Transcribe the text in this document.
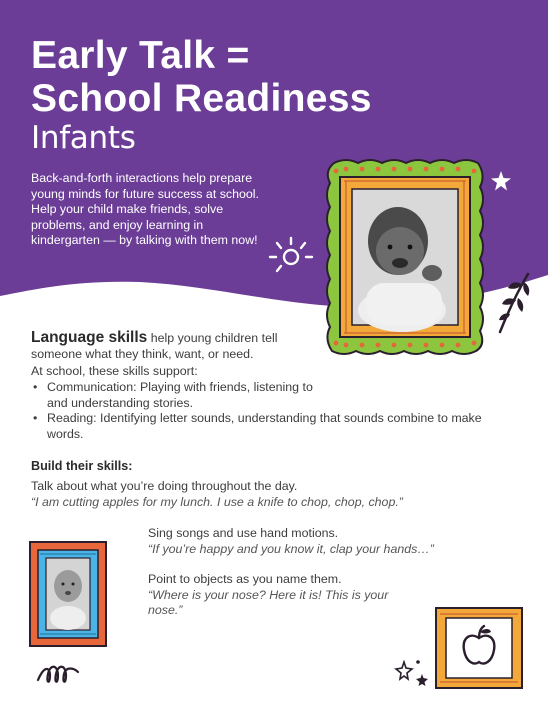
Early Talk =
School Readiness
Infants

Back-and-forth interactions help prepare young minds for future success at school. Help your child make friends, solve problems, and enjoy learning in kindergarten — by talking with them now!

Language skills help young children tell someone what they think, want, or need.

At school, these skills support:

• Communication: Playing with friends, listening to and understanding stories.
• Reading: Identifying letter sounds, understanding that sounds combine to make words.

Build their skills:

Talk about what you’re doing throughout the day.
“I am cutting apples for my lunch. I use a knife to chop, chop, chop.”
Sing songs and use hand motions.
“If you’re happy and you know it, clap your hands…”
Point to objects as you name them.
“Where is your nose? Here it is! This is your nose.”
